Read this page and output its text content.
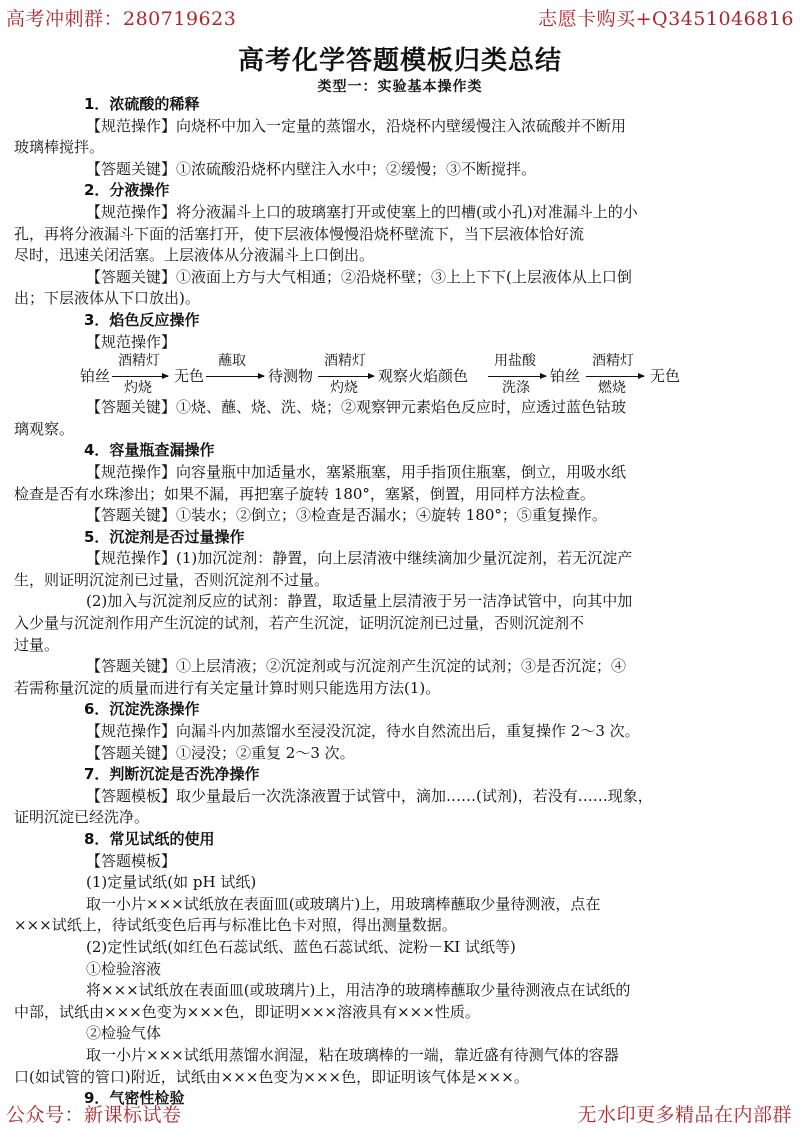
高考冲刺群：280719623	志愿卡购买+Q3451046816
高考化学答题模板归类总结
类型一：实验基本操作类
1．浓硫酸的稀释
【规范操作】向烧杯中加入一定量的蒸馏水，沿烧杯内壁缓慢注入浓硫酸并不断用
玻璃棒搅拌。
【答题关键】①浓硫酸沿烧杯内壁注入水中；②缓慢；③不断搅拌。
2．分液操作
【规范操作】将分液漏斗上口的玻璃塞打开或使塞上的凹槽(或小孔)对准漏斗上的小
孔，再将分液漏斗下面的活塞打开，使下层液体慢慢沿烧杯壁流下，当下层液体恰好流
尽时，迅速关闭活塞。上层液体从分液漏斗上口倒出。
【答题关键】①液面上方与大气相通；②沿烧杯壁；③上上下下(上层液体从上口倒
出；下层液体从下口放出)。
3．焰色反应操作
【规范操作】
铂丝
酒精灯
灼烧
无色
蘸取
待测物
酒精灯
灼烧
观察火焰颜色
用盐酸
洗涤
铂丝
酒精灯
燃烧
无色
【答题关键】①烧、蘸、烧、洗、烧；②观察钾元素焰色反应时，应透过蓝色钴玻
璃观察。
4．容量瓶查漏操作
【规范操作】向容量瓶中加适量水，塞紧瓶塞，用手指顶住瓶塞，倒立，用吸水纸
检查是否有水珠渗出；如果不漏，再把塞子旋转 180°，塞紧，倒置，用同样方法检查。
【答题关键】①装水；②倒立；③检查是否漏水；④旋转 180°；⑤重复操作。
5．沉淀剂是否过量操作
【规范操作】(1)加沉淀剂：静置，向上层清液中继续滴加少量沉淀剂，若无沉淀产
生，则证明沉淀剂已过量，否则沉淀剂不过量。
(2)加入与沉淀剂反应的试剂：静置，取适量上层清液于另一洁净试管中，向其中加
入少量与沉淀剂作用产生沉淀的试剂，若产生沉淀，证明沉淀剂已过量，否则沉淀剂不
过量。
【答题关键】①上层清液；②沉淀剂或与沉淀剂产生沉淀的试剂；③是否沉淀；④
若需称量沉淀的质量而进行有关定量计算时则只能选用方法(1)。
6．沉淀洗涤操作
【规范操作】向漏斗内加蒸馏水至浸没沉淀，待水自然流出后，重复操作 2～3 次。
【答题关键】①浸没；②重复 2～3 次。
7．判断沉淀是否洗净操作
【答题模板】取少量最后一次洗涤液置于试管中，滴加……(试剂)，若没有……现象，
证明沉淀已经洗净。
8．常见试纸的使用
【答题模板】
(1)定量试纸(如 pH 试纸)
取一小片×××试纸放在表面皿(或玻璃片)上，用玻璃棒蘸取少量待测液，点在
×××试纸上，待试纸变色后再与标准比色卡对照，得出测量数据。
(2)定性试纸(如红色石蕊试纸、蓝色石蕊试纸、淀粉－KI 试纸等)
①检验溶液
将×××试纸放在表面皿(或玻璃片)上，用洁净的玻璃棒蘸取少量待测液点在试纸的
中部，试纸由×××色变为×××色，即证明×××溶液具有×××性质。
②检验气体
取一小片×××试纸用蒸馏水润湿，粘在玻璃棒的一端，靠近盛有待测气体的容器
口(如试管的管口)附近，试纸由×××色变为×××色，即证明该气体是×××。
9．气密性检验
公众号：新课标试卷	无水印更多精品在内部群
